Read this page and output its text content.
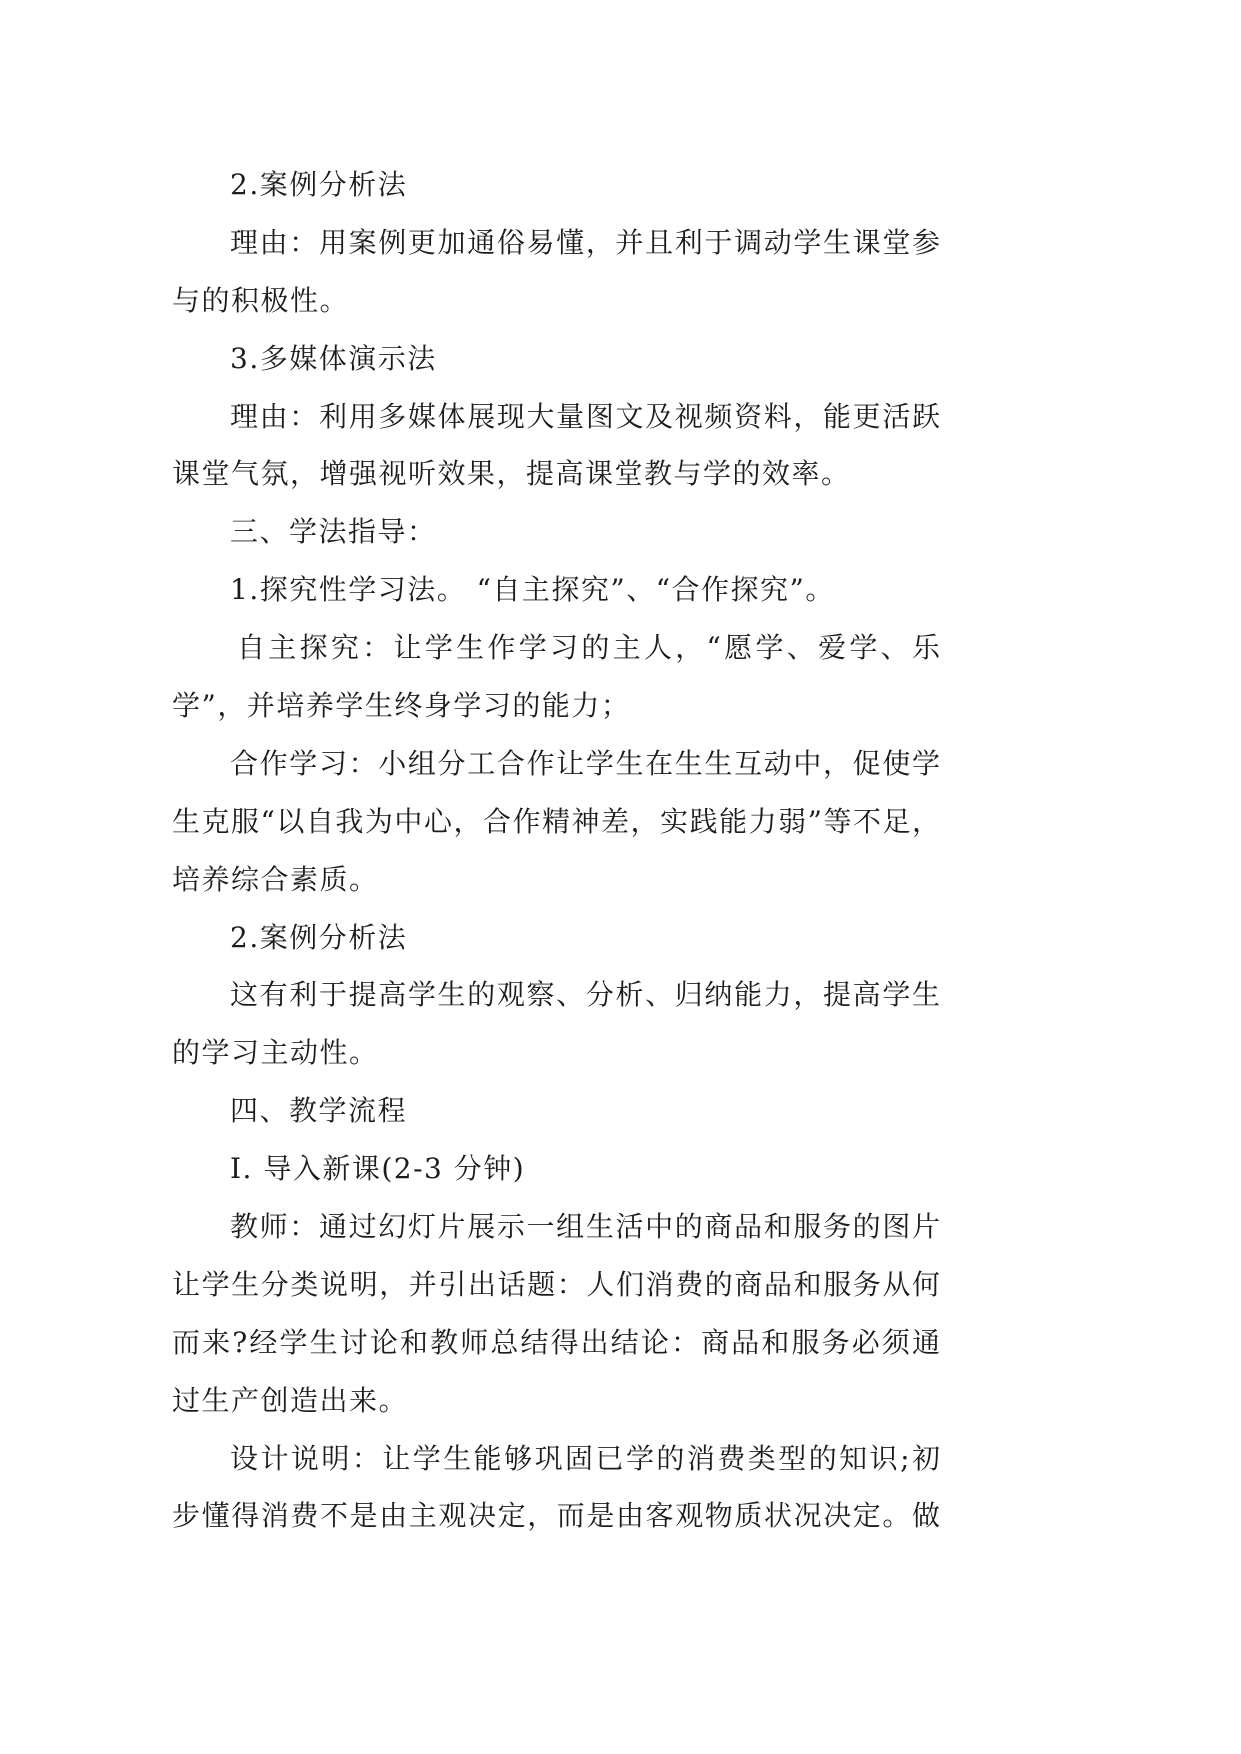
2.案例分析法
理由：用案例更加通俗易懂，并且利于调动学生课堂参
与的积极性。
3.多媒体演示法
理由：利用多媒体展现大量图文及视频资料，能更活跃
课堂气氛，增强视听效果，提高课堂教与学的效率。
三、学法指导：
1.探究性学习法。 “自主探究”、“合作探究”。
自主探究：让学生作学习的主人，“愿学、爱学、乐
学”，并培养学生终身学习的能力；
合作学习：小组分工合作让学生在生生互动中，促使学
生克服“以自我为中心，合作精神差，实践能力弱”等不足，
培养综合素质。
2.案例分析法
这有利于提高学生的观察、分析、归纳能力，提高学生
的学习主动性。
四、教学流程
I. 导入新课(2-3 分钟)
教师：通过幻灯片展示一组生活中的商品和服务的图片
让学生分类说明，并引出话题：人们消费的商品和服务从何
而来?经学生讨论和教师总结得出结论：商品和服务必须通
过生产创造出来。
设计说明：让学生能够巩固已学的消费类型的知识;初
步懂得消费不是由主观决定，而是由客观物质状况决定。做
